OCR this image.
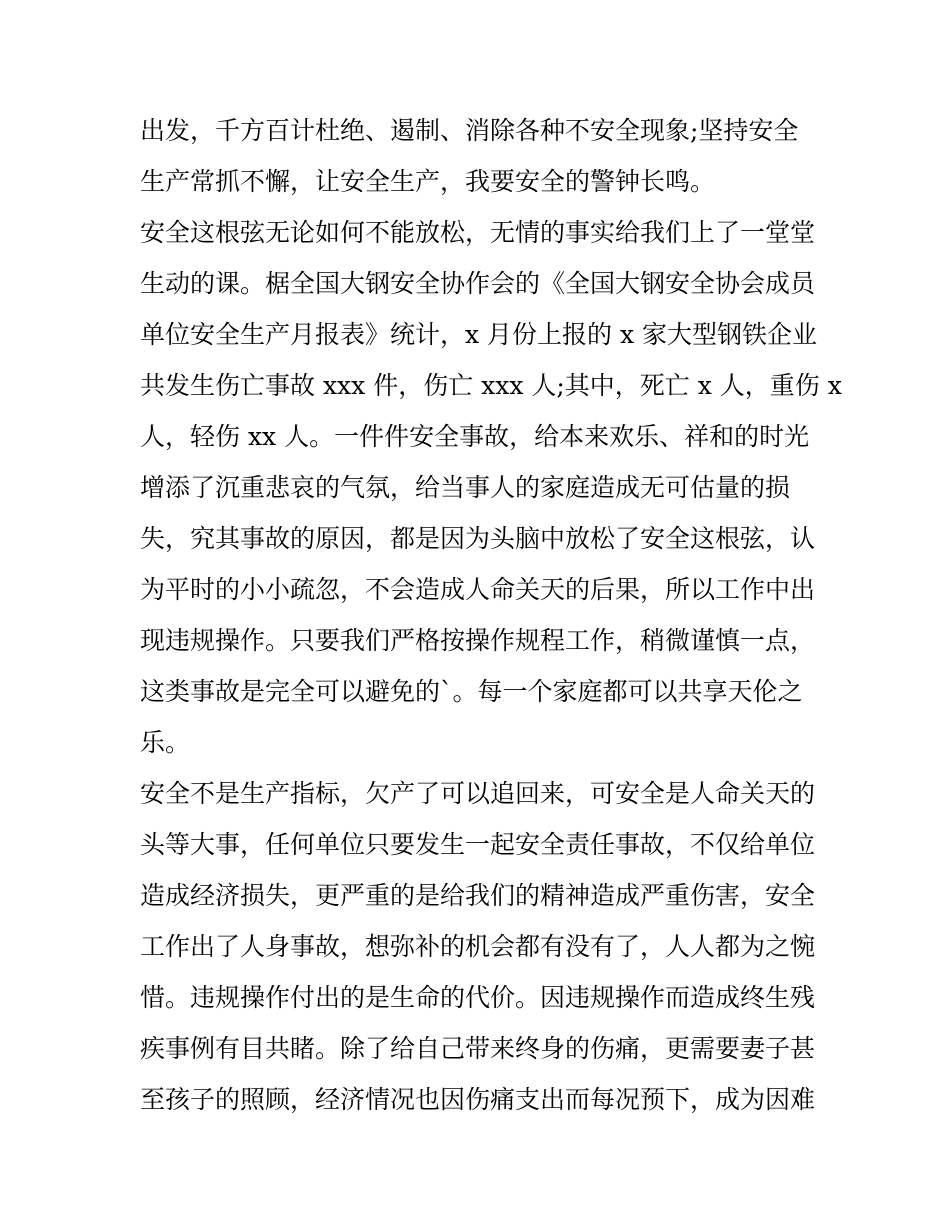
出发，千方百计杜绝、遏制、消除各种不安全现象;坚持安全
生产常抓不懈，让安全生产，我要安全的警钟长鸣。
安全这根弦无论如何不能放松，无情的事实给我们上了一堂堂
生动的课。椐全国大钢安全协作会的《全国大钢安全协会成员
单位安全生产月报表》统计，x 月份上报的 x 家大型钢铁企业
共发生伤亡事故 xxx 件，伤亡 xxx 人;其中，死亡 x 人，重伤 x
人，轻伤 xx 人。一件件安全事故，给本来欢乐、祥和的时光
增添了沉重悲哀的气氛，给当事人的家庭造成无可估量的损
失，究其事故的原因，都是因为头脑中放松了安全这根弦，认
为平时的小小疏忽，不会造成人命关天的后果，所以工作中出
现违规操作。只要我们严格按操作规程工作，稍微谨慎一点，
这类事故是完全可以避免的`。每一个家庭都可以共享天伦之
乐。
安全不是生产指标，欠产了可以追回来，可安全是人命关天的
头等大事，任何单位只要发生一起安全责任事故，不仅给单位
造成经济损失，更严重的是给我们的精神造成严重伤害，安全
工作出了人身事故，想弥补的机会都有没有了，人人都为之惋
惜。违规操作付出的是生命的代价。因违规操作而造成终生残
疾事例有目共睹。除了给自己带来终身的伤痛，更需要妻子甚
至孩子的照顾，经济情况也因伤痛支出而每况预下，成为因难
